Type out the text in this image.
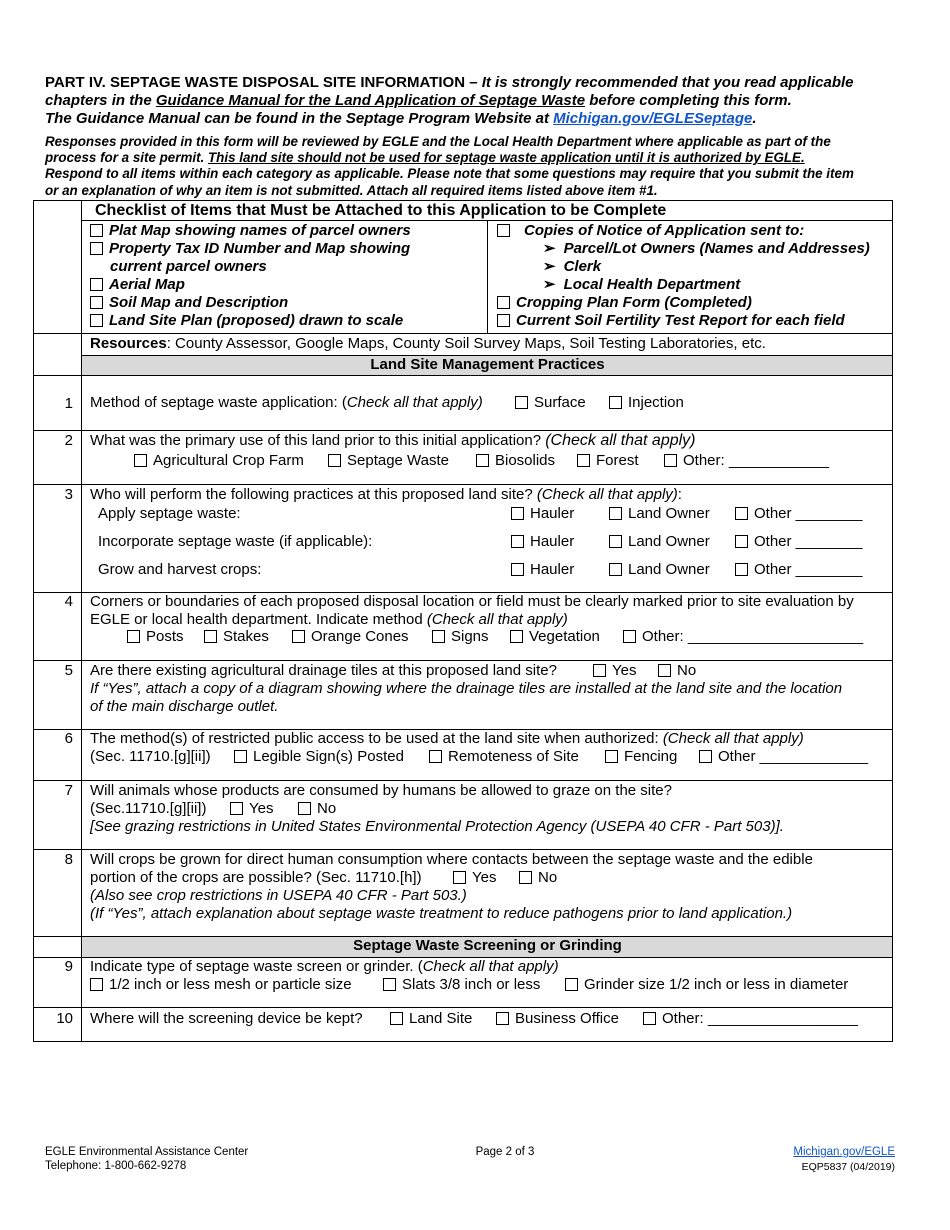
PART IV. SEPTAGE WASTE DISPOSAL SITE INFORMATION – It is strongly recommended that you read applicable
chapters in the Guidance Manual for the Land Application of Septage Waste before completing this form.
The Guidance Manual can be found in the Septage Program Website at Michigan.gov/EGLESeptage.
Responses provided in this form will be reviewed by EGLE and the Local Health Department where applicable as part of the
process for a site permit. This land site should not be used for septage waste application until it is authorized by EGLE.
Respond to all items within each category as applicable. Please note that some questions may require that you submit the item
or an explanation of why an item is not submitted. Attach all required items listed above item #1.
Checklist of Items that Must be Attached to this Application to be Complete
Plat Map showing names of parcel owners
Property Tax ID Number and Map showing
current parcel owners
Aerial Map
Soil Map and Description
Land Site Plan (proposed) drawn to scale
Copies of Notice of Application sent to:
➢ Parcel/Lot Owners (Names and Addresses)
➢ Clerk
➢ Local Health Department
Cropping Plan Form (Completed)
Current Soil Fertility Test Report for each field
Resources: County Assessor, Google Maps, County Soil Survey Maps, Soil Testing Laboratories, etc.
Land Site Management Practices
1 Method of septage waste application: (Check all that apply)	Surface	Injection
2 What was the primary use of this land prior to this initial application? (Check all that apply)
Agricultural Crop Farm	Septage Waste	Biosolids	Forest	Other: ____________
3 Who will perform the following practices at this proposed land site? (Check all that apply):
Apply septage waste:	Hauler	Land Owner	Other ________
Incorporate septage waste (if applicable):	Hauler	Land Owner	Other ________
Grow and harvest crops:	Hauler	Land Owner	Other ________
4 Corners or boundaries of each proposed disposal location or field must be clearly marked prior to site evaluation by
EGLE or local health department. Indicate method (Check all that apply)
Posts	Stakes	Orange Cones	Signs	Vegetation	Other: _____________________
5 Are there existing agricultural drainage tiles at this proposed land site?	Yes	No
If “Yes”, attach a copy of a diagram showing where the drainage tiles are installed at the land site and the location
of the main discharge outlet.
6 The method(s) of restricted public access to be used at the land site when authorized: (Check all that apply)
(Sec. 11710.[g][ii])	Legible Sign(s) Posted	Remoteness of Site	Fencing	Other _____________
7 Will animals whose products are consumed by humans be allowed to graze on the site?
(Sec.11710.[g][ii])	Yes	No
[See grazing restrictions in United States Environmental Protection Agency (USEPA 40 CFR - Part 503)].
8 Will crops be grown for direct human consumption where contacts between the septage waste and the edible
portion of the crops are possible? (Sec. 11710.[h])	Yes	No
(Also see crop restrictions in USEPA 40 CFR - Part 503.)
(If “Yes”, attach explanation about septage waste treatment to reduce pathogens prior to land application.)
Septage Waste Screening or Grinding
9 Indicate type of septage waste screen or grinder. (Check all that apply)
1/2 inch or less mesh or particle size	Slats 3/8 inch or less	Grinder size 1/2 inch or less in diameter
10 Where will the screening device be kept?	Land Site	Business Office	Other: __________________
EGLE Environmental Assistance Center
Telephone: 1-800-662-9278
Page 2 of 3	Michigan.gov/EGLE
EQP5837 (04/2019)
